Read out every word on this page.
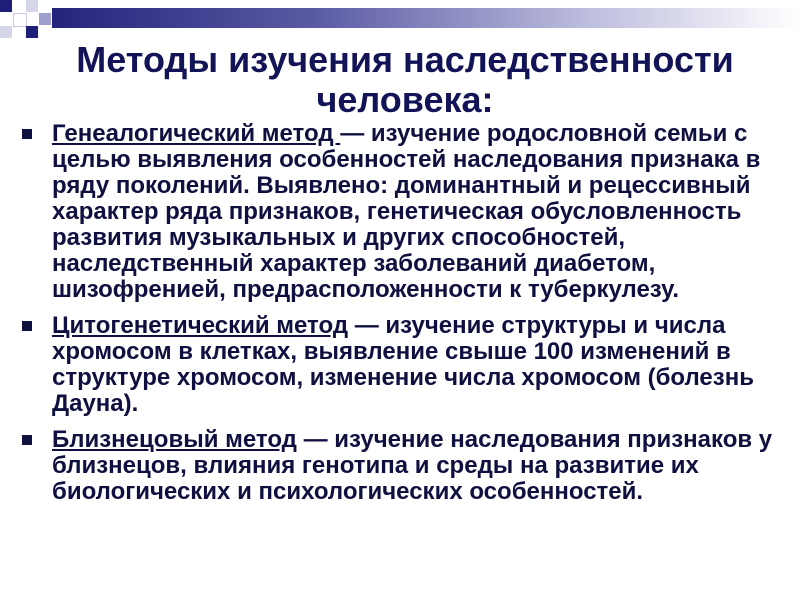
Методы изучения наследственности человека:
Генеалогический метод — изучение родословной семьи с целью выявления особенностей наследования признака в ряду поколений. Выявлено: доминантный и рецессивный характер ряда признаков, генетическая обусловленность развития музыкальных и других способностей, наследственный характер заболеваний диабетом, шизофренией, предрасположенности к туберкулезу.
Цитогенетический метод — изучение структуры и числа хромосом в клетках, выявление свыше 100 изменений в структуре хромосом, изменение числа хромосом (болезнь Дауна).
Близнецовый метод — изучение наследования признаков у близнецов, влияния генотипа и среды на развитие их биологических и психологических особенностей.
